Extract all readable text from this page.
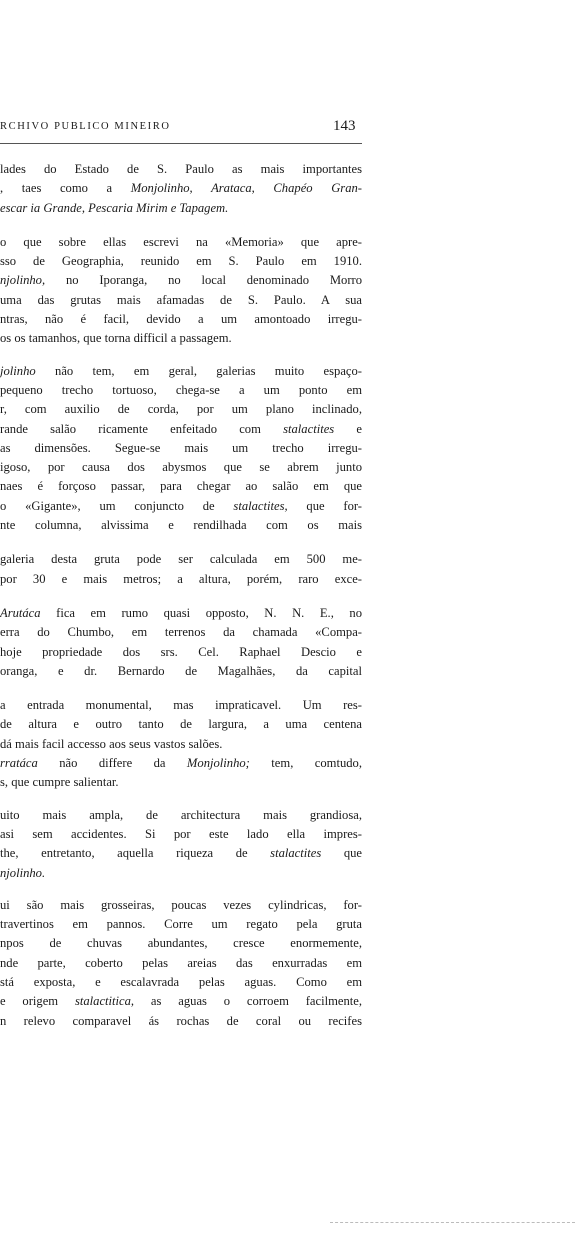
RCHIVO PUBLICO MINEIRO	143
lades do Estado de S. Paulo as mais importantes
, taes como a Monjolinho, Arataca, Chapéo Gran-
escar ia Grande, Pescaria Mirim e Tapagem.
o que sobre ellas escrevi na «Memoria» que apre-
sso de Geographia, reunido em S. Paulo em 1910.
njolinho, no Iporanga, no local denominado Morro
uma das grutas mais afamadas de S. Paulo. A sua
ntras, não é facil, devido a um amontoado irregu-
os os tamanhos, que torna difficil a passagem.
jolinho não tem, em geral, galerias muito espaço-
pequeno trecho tortuoso, chega-se a um ponto em
r, com auxilio de corda, por um plano inclinado,
rande salão ricamente enfeitado com stalactites e
as dimensões. Segue-se mais um trecho irregu-
igoso, por causa dos abysmos que se abrem junto
naes é forçoso passar, para chegar ao salão em que
o «Gigante», um conjuncto de stalactites, que for-
nte columna, alvissima e rendilhada com os mais
galeria desta gruta pode ser calculada em 500 me-
por 30 e mais metros; a altura, porém, raro exce-
Arutáca fica em rumo quasi opposto, N. N. E., no
erra do Chumbo, em terrenos da chamada «Compa-
hoje propriedade dos srs. Cel. Raphael Descio e
oranga, e dr. Bernardo de Magalhães, da capital
a entrada monumental, mas impraticavel. Um res-
de altura e outro tanto de largura, a uma centena
dá mais facil accesso aos seus vastos salões.
rratáca não differe da Monjolinho; tem, comtudo,
s, que cumpre salientar.
uito mais ampla, de architectura mais grandiosa,
asi sem accidentes. Si por este lado ella impres-
the, entretanto, aquella riqueza de stalactites que
njolinho.
ui são mais grosseiras, poucas vezes cylindricas, for-
travertinos em pannos. Corre um regato pela gruta
npos de chuvas abundantes, cresce enormemente,
nde parte, coberto pelas areias das enxurradas em
stá exposta, e escalavrada pelas aguas. Como em
e origem stalactitica, as aguas o corroem facilmente,
n relevo comparavel ás rochas de coral ou recifes
